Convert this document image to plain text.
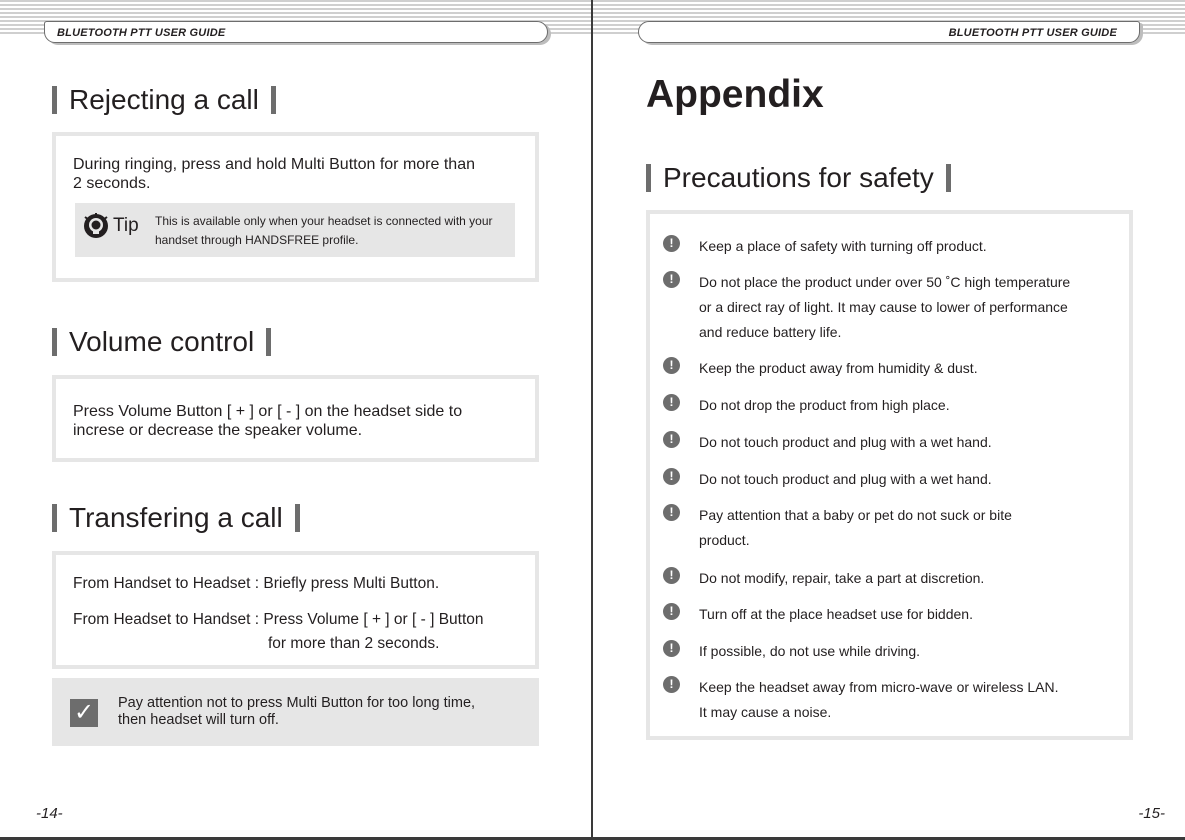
BLUETOOTH PTT USER GUIDE
Rejecting a call
During ringing, press and hold Multi Button for more than
2 seconds.
Tip This is available only when your headset is connected with your handset through HANDSFREE profile.
Volume control
Press Volume Button [ + ] or [ - ] on the headset side to increse or decrease the speaker volume.
Transfering a call
From Handset to Headset : Briefly press Multi Button.
From Headset to Handset : Press Volume [ + ] or [ - ] Button
for more than 2 seconds.
✓ Pay attention not to press Multi Button for too long time,
then headset will turn off.
-14-
BLUETOOTH PTT USER GUIDE
Appendix
Precautions for safety
!	Keep a place of safety with turning off product.
!	Do not place the product under over 50 ˚C high temperature
or a direct ray of light. It may cause to lower of performance
and reduce battery life.
!	Keep the product away from humidity & dust.
!	Do not drop the product from high place.
!	Do not touch product and plug with a wet hand.
!	Do not touch product and plug with a wet hand.
!	Pay attention that a baby or pet do not suck or bite
product.
!	Do not modify, repair, take a part at discretion.
!	Turn off at the place headset use for bidden.
!	If possible, do not use while driving.
!	Keep the headset away from micro-wave or wireless LAN.
It may cause a noise.
-15-
